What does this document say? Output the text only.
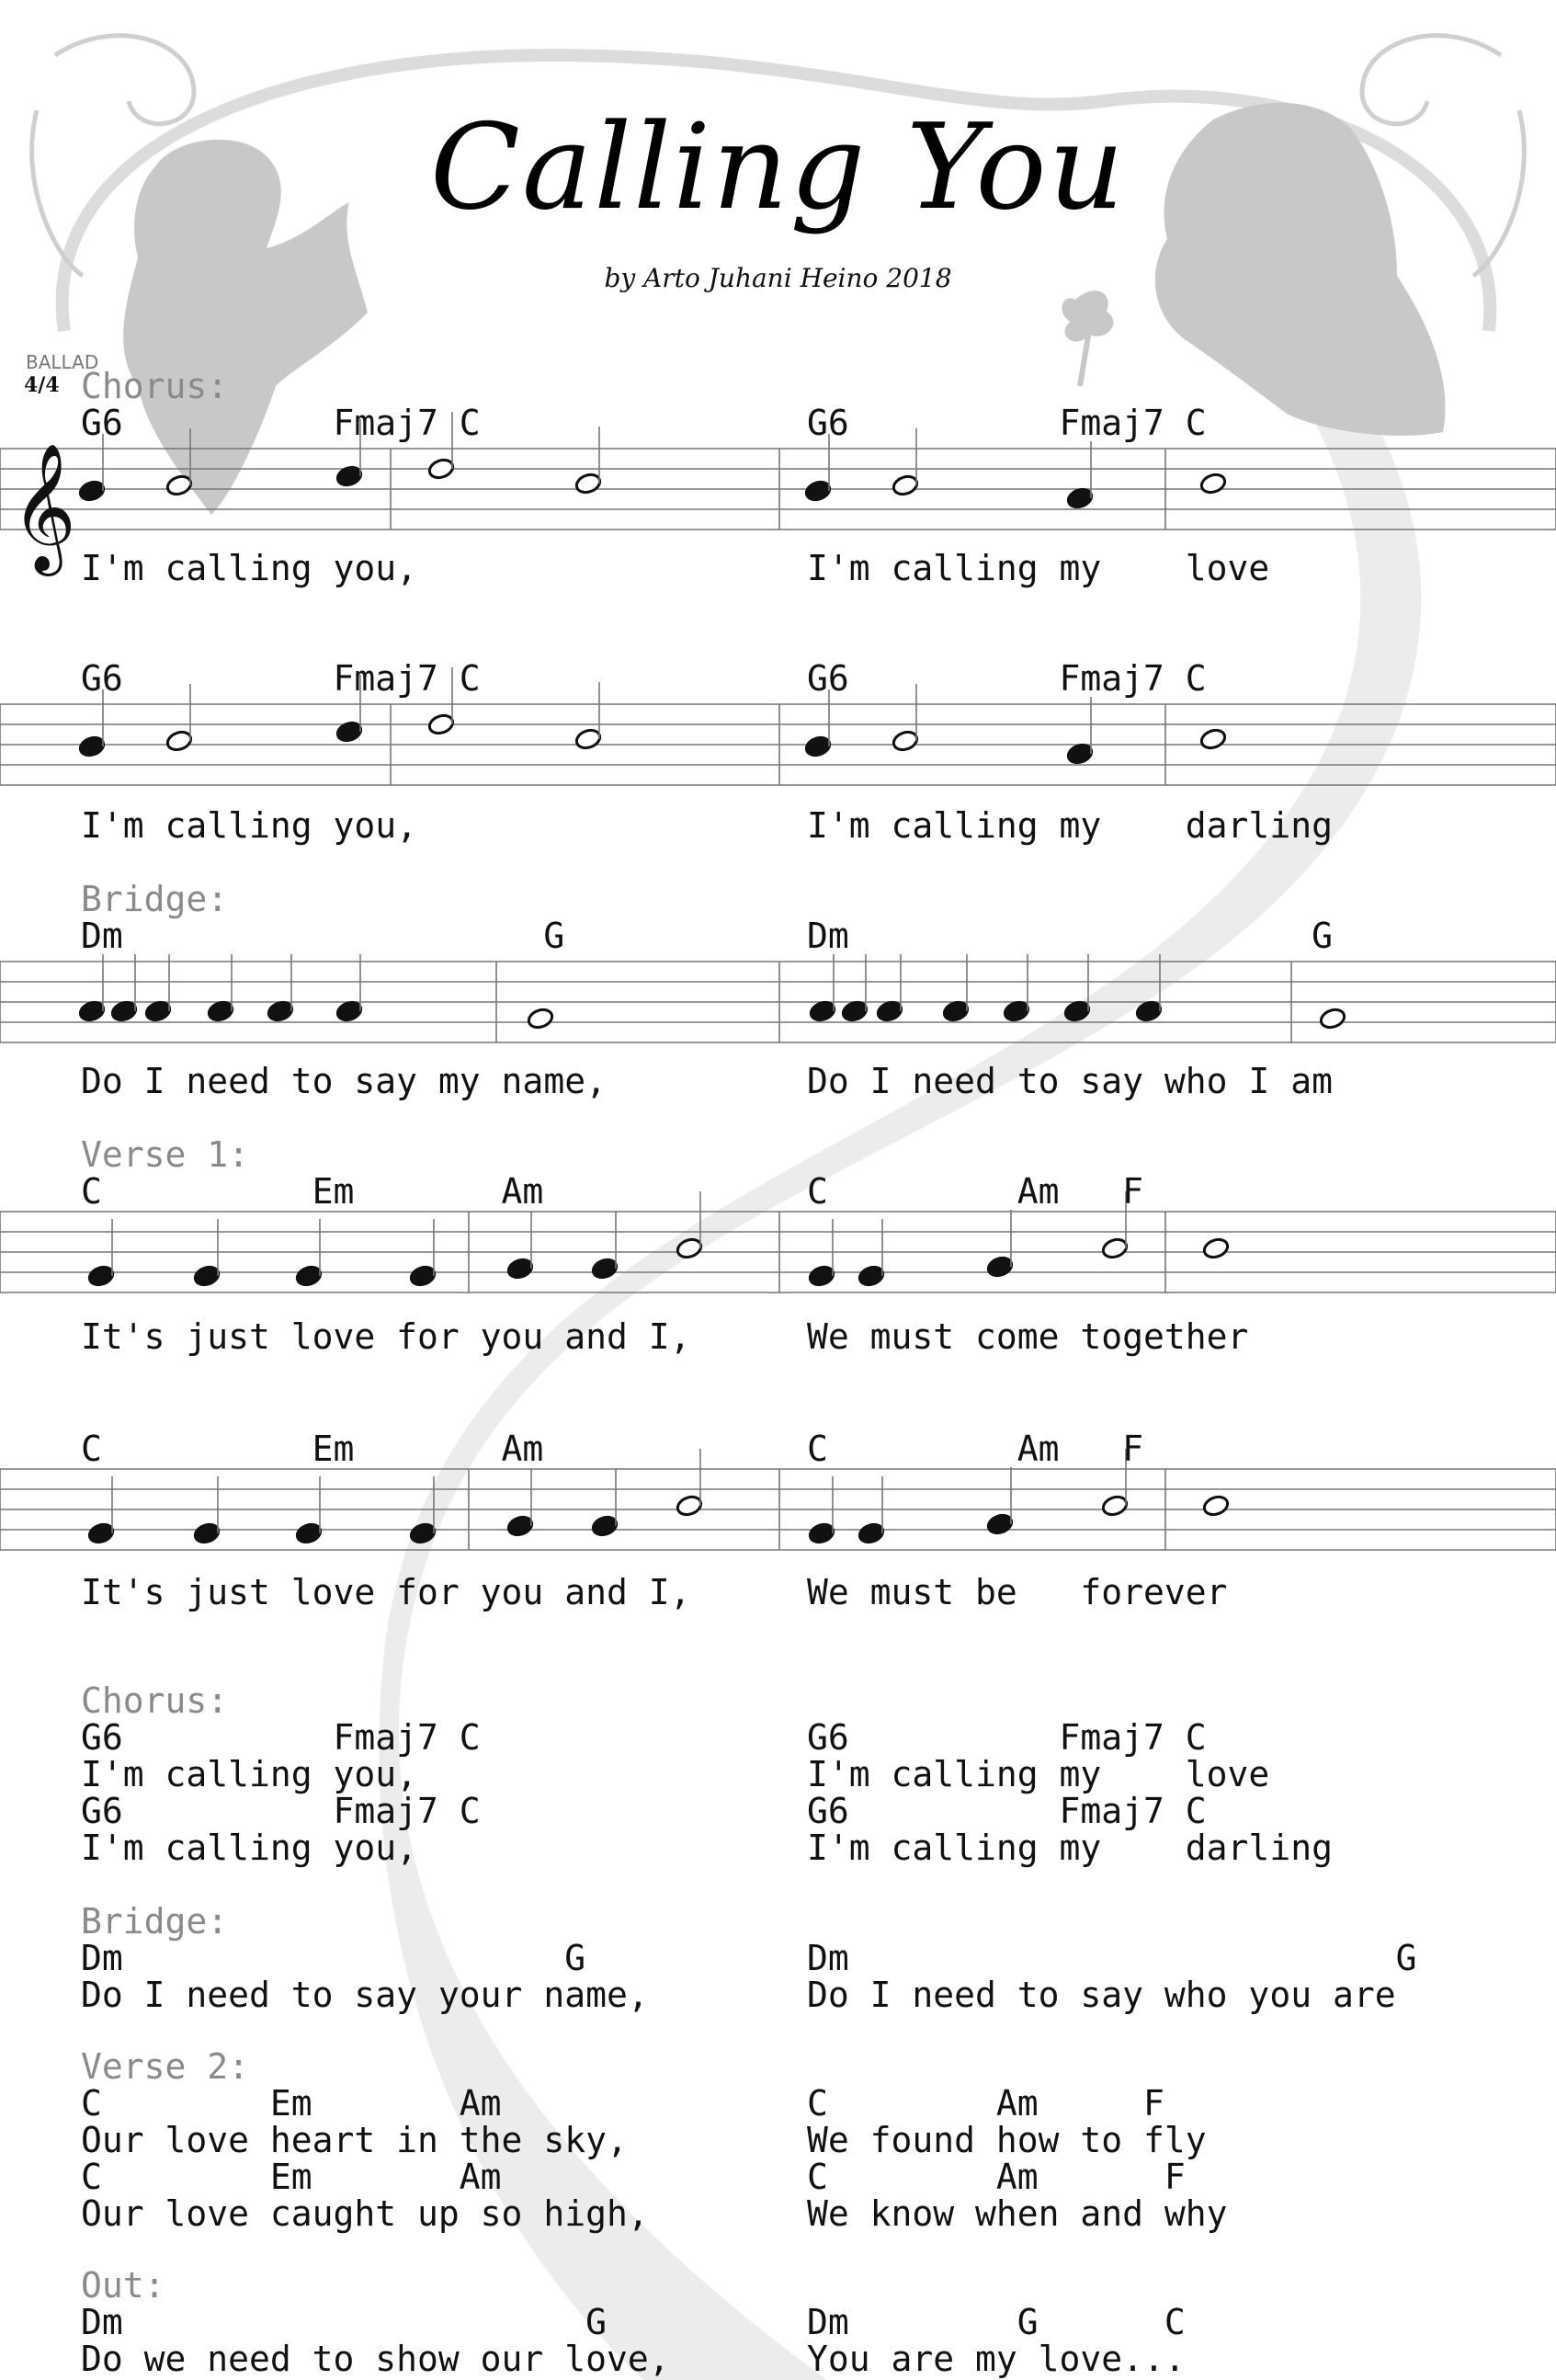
Calling You
by Arto Juhani Heino 2018
BALLAD
4/4
𝄞
Chorus:
G6          Fmaj7 C	G6          Fmaj7 C
I'm calling you,	I'm calling my    love
G6          Fmaj7 C	G6          Fmaj7 C
I'm calling you,	I'm calling my    darling
Bridge:
Dm                    G	Dm                      G
Do I need to say my name,	Do I need to say who I am
Verse 1:
C          Em       Am	C         Am   F
It's just love for you and I,	We must come together
C          Em       Am	C         Am   F
It's just love for you and I,	We must be   forever
Chorus:
G6          Fmaj7 C
I'm calling you,
G6          Fmaj7 C
I'm calling you,
G6          Fmaj7 C
I'm calling my    love
G6          Fmaj7 C
I'm calling my    darling
Bridge:
Dm                     G
Do I need to say your name,
Dm                          G
Do I need to say who you are
Verse 2:
C        Em       Am
Our love heart in the sky,
C        Em       Am
Our love caught up so high,
C        Am     F
We found how to fly
C        Am      F
We know when and why
Out:
Dm                      G
Do we need to show our love,
Dm        G      C
You are my love...
